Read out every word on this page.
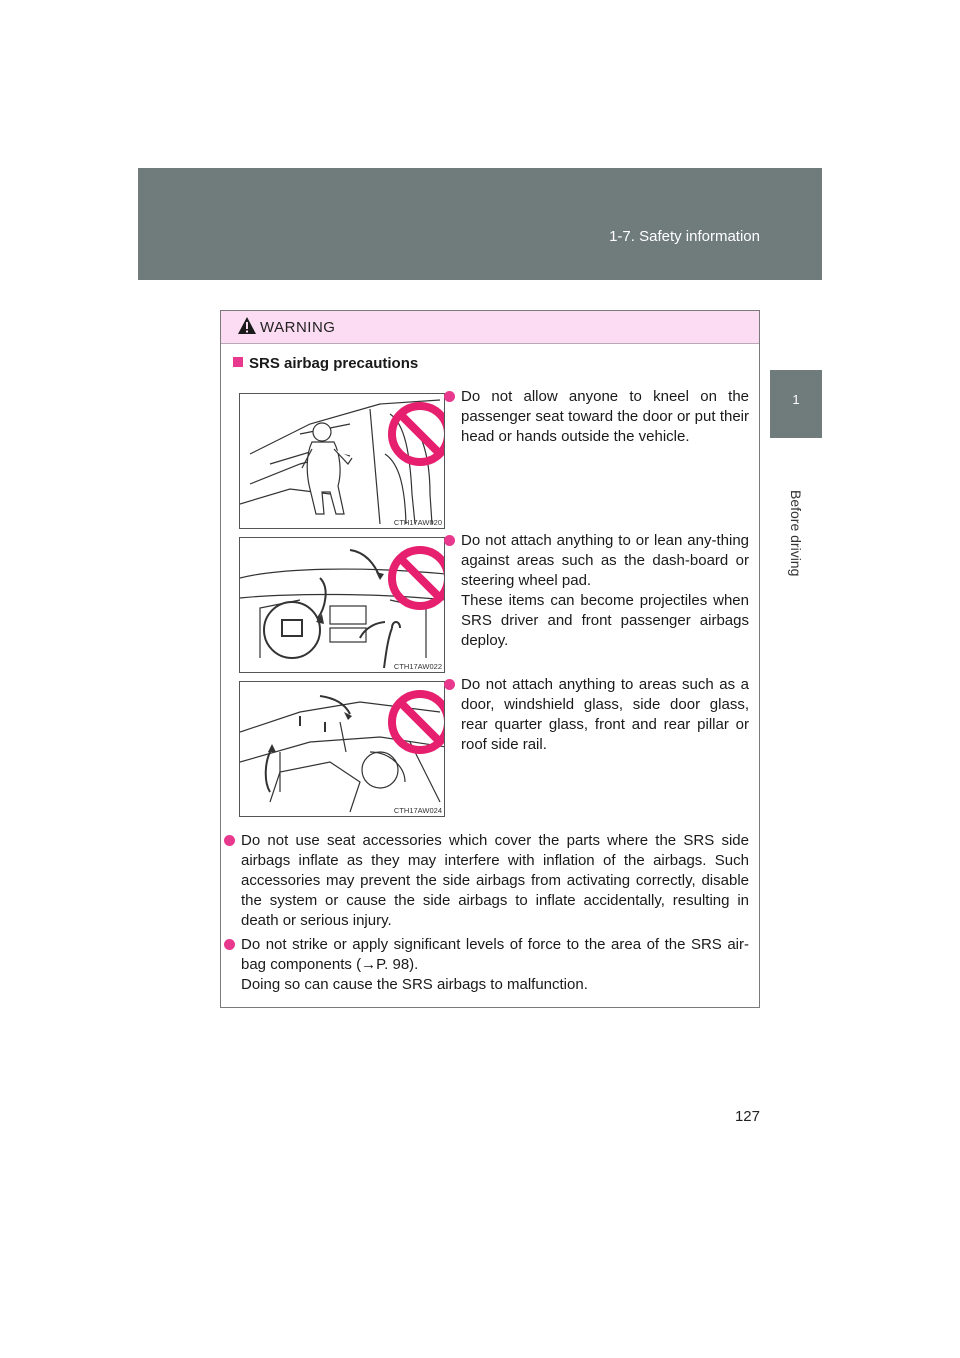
1-7. Safety information
1
Before driving
WARNING
SRS airbag precautions
CTH17AW020
CTH17AW022
CTH17AW024

Do not allow anyone to kneel on the passenger seat toward the door or put their head or hands outside the vehicle.

Do not attach anything to or lean any-thing against areas such as the dash-board or steering wheel pad.

These items can become projectiles when SRS driver and front passenger airbags deploy.

Do not attach anything to areas such as a door, windshield glass, side door glass, rear quarter glass, front and rear pillar or roof side rail.

Do not use seat accessories which cover the parts where the SRS side airbags inflate as they may interfere with inflation of the airbags. Such accessories may prevent the side airbags from activating correctly, disable the system or cause the side airbags to inflate accidentally, resulting in death or serious injury.

Do not strike or apply significant levels of force to the area of the SRS air-bag components (→P. 98).

Doing so can cause the SRS airbags to malfunction.

127
